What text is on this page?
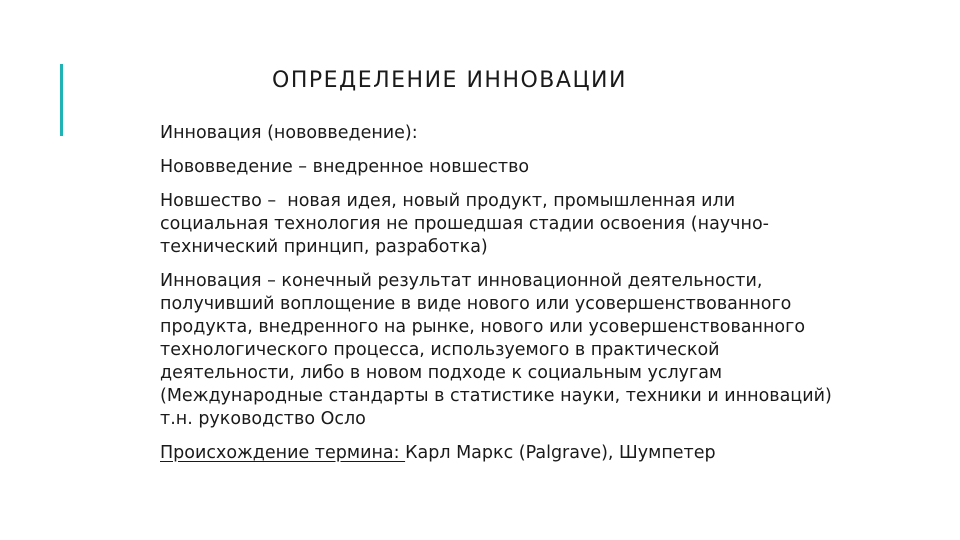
ОПРЕДЕЛЕНИЕ ИННОВАЦИИ

Инновация (нововведение):

Нововведение – внедренное новшество

Новшество –  новая идея, новый продукт, промышленная или социальная технология не прошедшая стадии освоения (научно-технический принцип, разработка)

Инновация – конечный результат инновационной деятельности, получивший воплощение в виде нового или усовершенствованного продукта, внедренного на рынке, нового или усовершенствованного технологического процесса, используемого в практической деятельности, либо в новом подходе к социальным услугам (Международные стандарты в статистике науки, техники и инноваций) т.н. руководство Осло

Происхождение термина: Карл Маркс (Palgrave), Шумпетер
